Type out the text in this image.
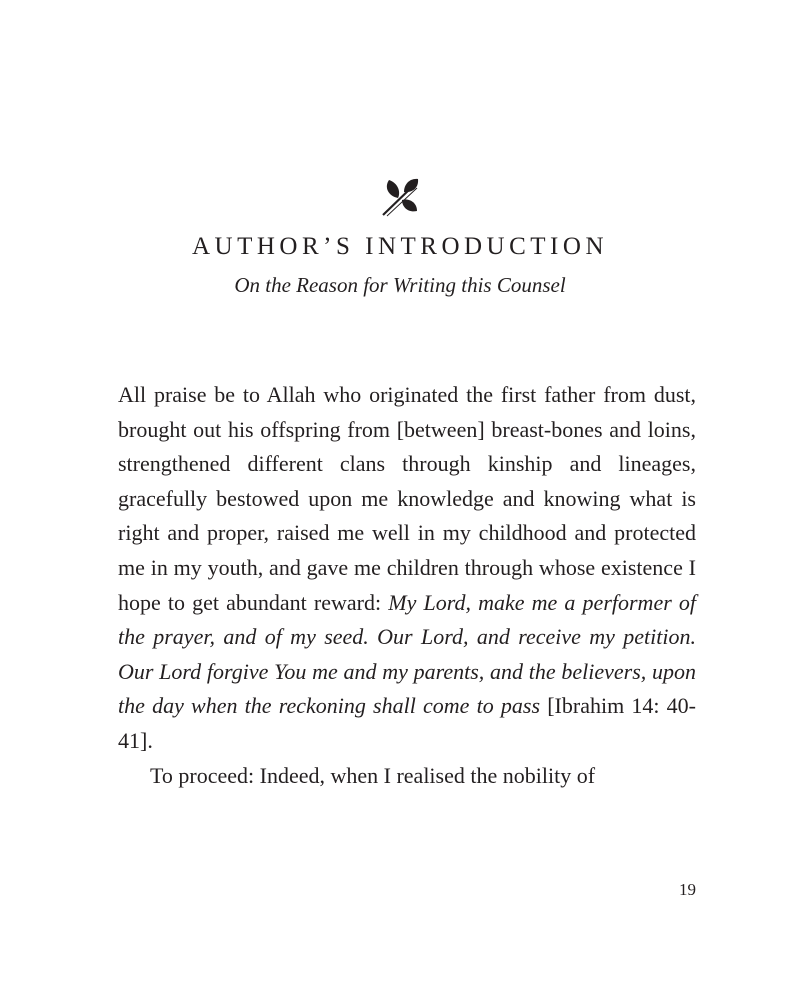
AUTHOR’S INTRODUCTION
On the Reason for Writing this Counsel

All praise be to Allah who originated the first father from dust, brought out his offspring from [between] breast-bones and loins, strengthened different clans through kinship and lineages, gracefully bestowed upon me knowledge and knowing what is right and proper, raised me well in my childhood and protected me in my youth, and gave me children through whose existence I hope to get abundant reward: My Lord, make me a performer of the prayer, and of my seed. Our Lord, and receive my petition. Our Lord forgive You me and my parents, and the believers, upon the day when the reckoning shall come to pass [Ibrahim 14: 40-41].

To proceed: Indeed, when I realised the nobility of

19
